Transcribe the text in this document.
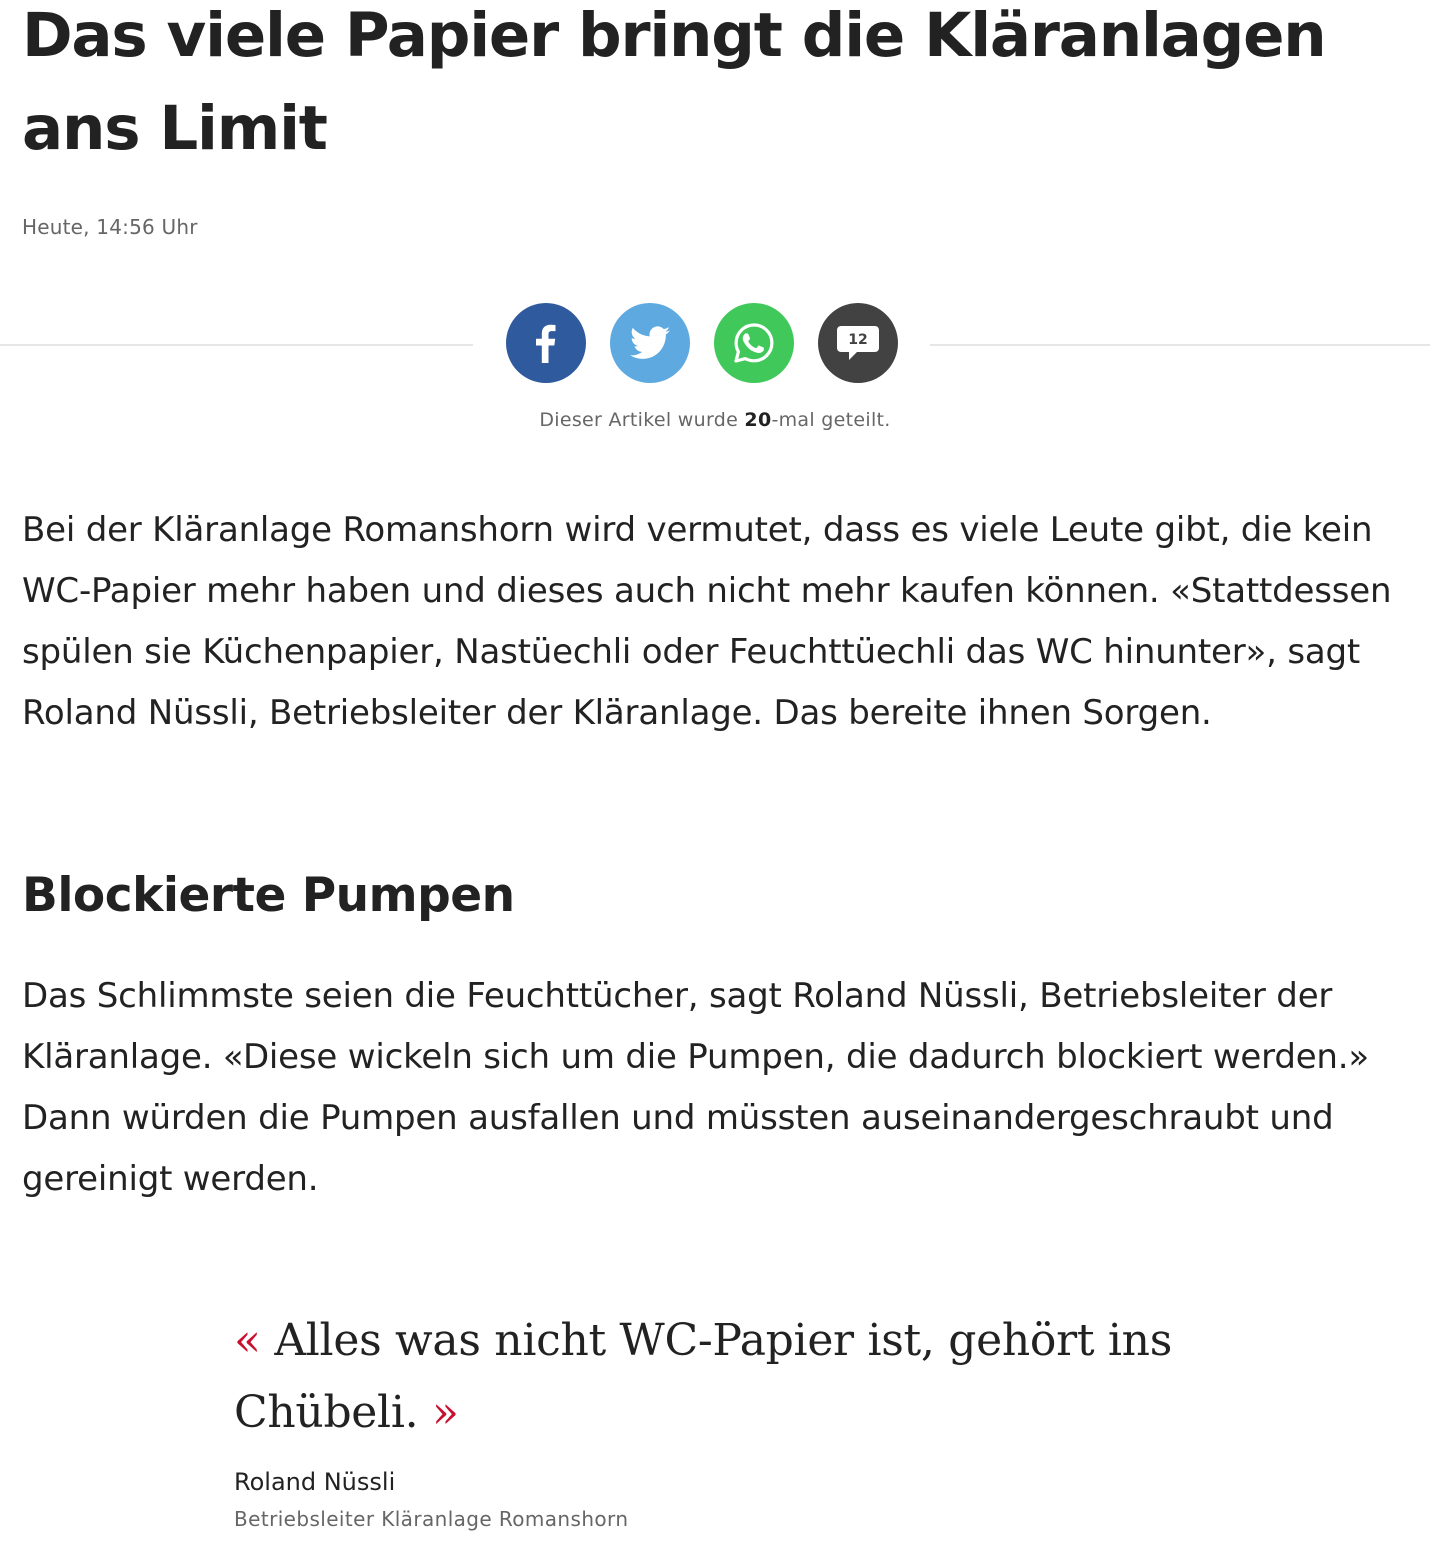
Das viele Papier bringt die Kläranlagen ans Limit
Heute, 14:56 Uhr
12
Dieser Artikel wurde 20-mal geteilt.

Bei der Kläranlage Romanshorn wird vermutet, dass es viele Leute gibt, die kein WC-Papier mehr haben und dieses auch nicht mehr kaufen können. «Stattdessen spülen sie Küchenpapier, Nastüechli oder Feuchttüechli das WC hinunter», sagt Roland Nüssli, Betriebsleiter der Kläranlage. Das bereite ihnen Sorgen.

Blockierte Pumpen

Das Schlimmste seien die Feuchttücher, sagt Roland Nüssli, Betriebsleiter der Kläranlage. «Diese wickeln sich um die Pumpen, die dadurch blockiert werden.» Dann würden die Pumpen ausfallen und müssten auseinandergeschraubt und gereinigt werden.

« Alles was nicht WC-Papier ist, gehört ins Chübeli. »

Roland Nüssli
Betriebsleiter Kläranlage Romanshorn
